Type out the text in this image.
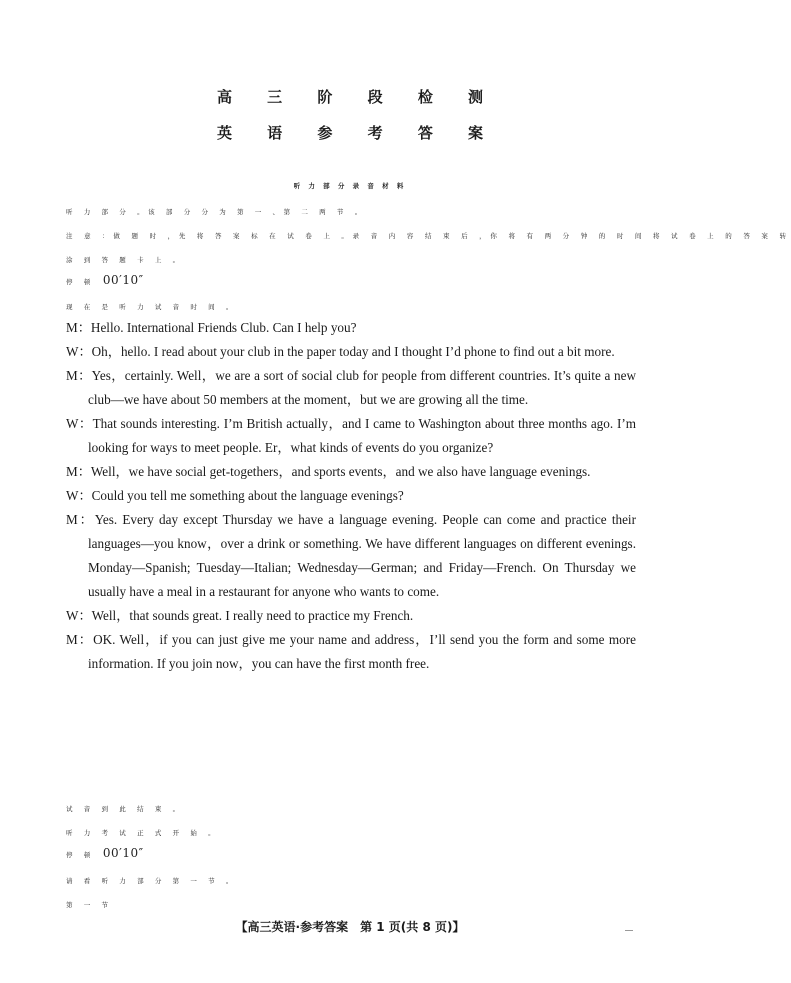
高 三 阶 段 检 测
英 语 参 考 答 案
听 力 部 分 录 音 材 料
听 力 部 分 。该 部 分 分 为 第 一 、第 二 两 节 。
注 意 ：做 题 时 ，先 将 答 案 标 在 试 卷 上 。录 音 内 容 结 束 后 ，你 将 有 两 分 钟 的 时 间 将 试 卷 上 的 答 案 转
涂 到 答 题 卡 上 。
停 顿 00′10″
现 在 是 听 力 试 音 时 间 。
M：Hello. International Friends Club. Can I help you?
W：Oh，hello. I read about your club in the paper today and I thought I’d phone to find out a bit more.
M：Yes，certainly. Well，we are a sort of social club for people from different countries. It’s quite a new club—we have about 50 members at the moment，but we are growing all the time.
W：That sounds interesting. I’m British actually，and I came to Washington about three months ago. I’m looking for ways to meet people. Er，what kinds of events do you organize?
M：Well，we have social get-togethers，and sports events，and we also have language evenings.
W：Could you tell me something about the language evenings?
M：Yes. Every day except Thursday we have a language evening. People can come and practice their languages—you know，over a drink or something. We have different languages on different evenings. Monday—Spanish; Tuesday—Italian; Wednesday—German; and Friday—French. On Thursday we usually have a meal in a restaurant for anyone who wants to come.
W：Well，that sounds great. I really need to practice my French.
M：OK. Well，if you can just give me your name and address，I’ll send you the form and some more information. If you join now，you can have the first month free.
试 音 到 此 结 束 。
听 力 考 试 正 式 开 始 。
停 顿 00′10″
请 看 听 力 部 分 第 一 节 。
第 一 节
【高三英语·参考答案　第 1 页(共 8 页)】
